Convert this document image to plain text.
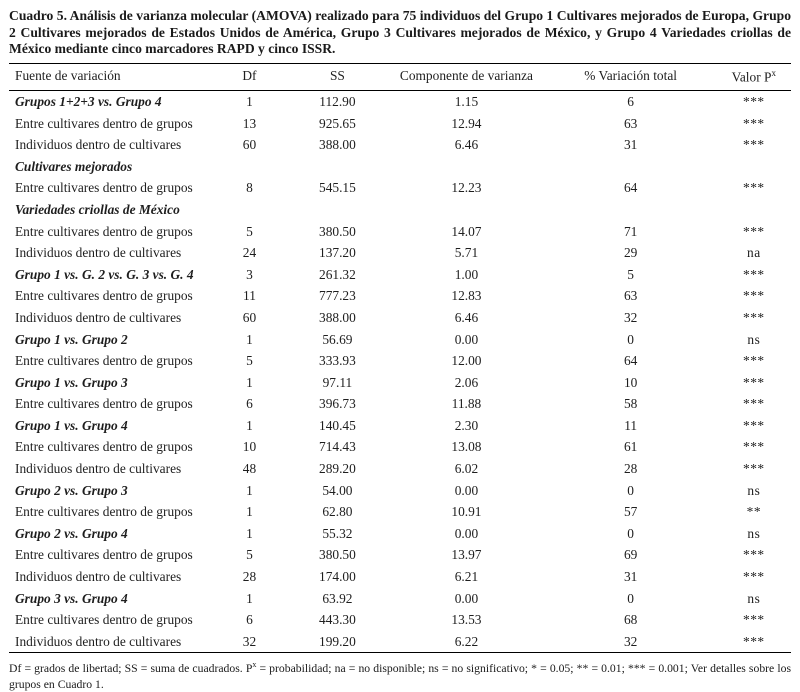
Cuadro 5. Análisis de varianza molecular (AMOVA) realizado para 75 individuos del Grupo 1 Cultivares mejorados de Europa, Grupo 2 Cultivares mejorados de Estados Unidos de América, Grupo 3 Cultivares mejorados de México, y Grupo 4 Variedades criollas de México mediante cinco marcadores RAPD y cinco ISSR.

Fuente de variación	Df	SS	Componente de varianza	% Variación total	Valor $P^x$
Grupos 1+2+3 vs. Grupo 4	1	112.90	1.15	6	***
Entre cultivares dentro de grupos	13	925.65	12.94	63	***
Individuos dentro de cultivares	60	388.00	6.46	31	***
Cultivares mejorados					
Entre cultivares dentro de grupos	8	545.15	12.23	64	***
Variedades criollas de México					
Entre cultivares dentro de grupos	5	380.50	14.07	71	***
Individuos dentro de cultivares	24	137.20	5.71	29	na
Grupo 1 vs. G. 2 vs. G. 3 vs. G. 4	3	261.32	1.00	5	***
Entre cultivares dentro de grupos	11	777.23	12.83	63	***
Individuos dentro de cultivares	60	388.00	6.46	32	***
Grupo 1 vs. Grupo 2	1	56.69	0.00	0	ns
Entre cultivares dentro de grupos	5	333.93	12.00	64	***
Grupo 1 vs. Grupo 3	1	97.11	2.06	10	***
Entre cultivares dentro de grupos	6	396.73	11.88	58	***
Grupo 1 vs. Grupo 4	1	140.45	2.30	11	***
Entre cultivares dentro de grupos	10	714.43	13.08	61	***
Individuos dentro de cultivares	48	289.20	6.02	28	***
Grupo 2 vs. Grupo 3	1	54.00	0.00	0	ns
Entre cultivares dentro de grupos	1	62.80	10.91	57	**
Grupo 2 vs. Grupo 4	1	55.32	0.00	0	ns
Entre cultivares dentro de grupos	5	380.50	13.97	69	***
Individuos dentro de cultivares	28	174.00	6.21	31	***
Grupo 3 vs. Grupo 4	1	63.92	0.00	0	ns
Entre cultivares dentro de grupos	6	443.30	13.53	68	***
Individuos dentro de cultivares	32	199.20	6.22	32	***

Df = grados de libertad; SS = suma de cuadrados. $P^x$ = probabilidad; na = no disponible; ns = no significativo; * = 0.05; ** = 0.01; *** = 0.001; Ver detalles sobre los grupos en Cuadro 1.
